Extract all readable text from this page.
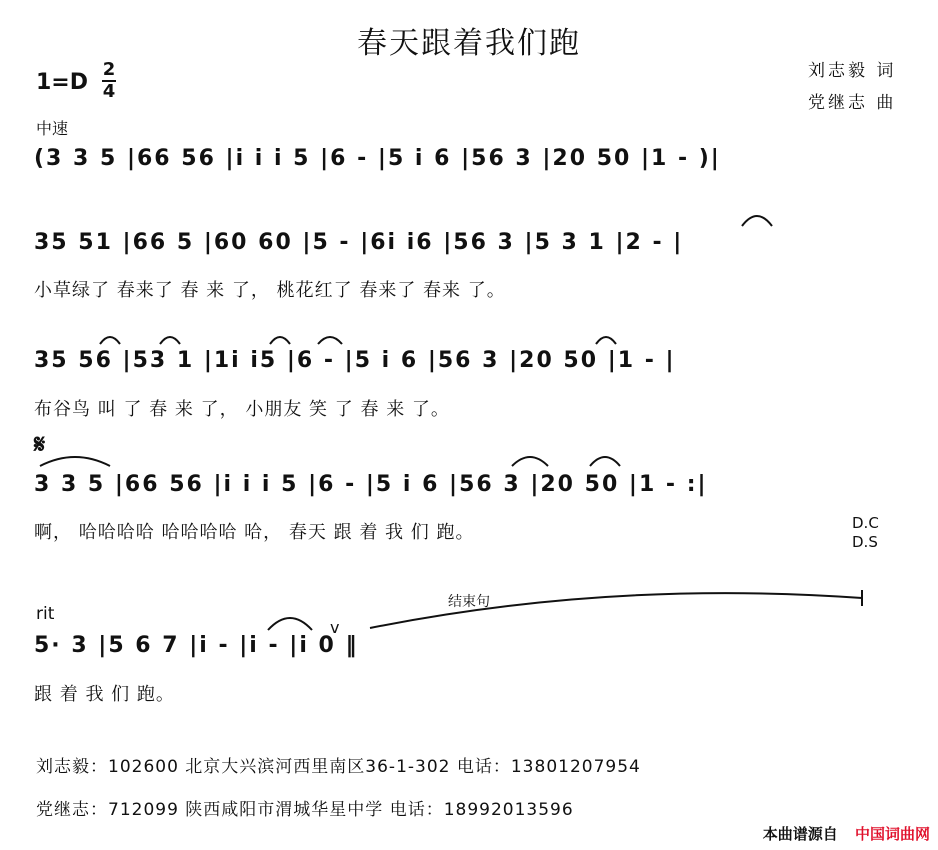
春天跟着我们跑
刘志毅 词
党继志 曲
1=D
2
4
中速
(3 3 5 |66 56 |i i i 5 |6 - |5 i 6 |56 3 |20 50 |1 - )|
35 51 |66 5 |60 60 |5 - |6i i6 |56 3 |5 3 1 |2 - |
小草绿了 春来了 春 来 了， 桃花红了 春来了 春来 了。
35 56 |53 1 |1i i5 |6 - |5 i 6 |56 3 |20 50 |1 - |
布谷鸟 叫 了 春 来 了， 小朋友 笑 了 春 来 了。
𝄋
3 3 5 |66 56 |i i i 5 |6 - |5 i 6 |56 3 |20 50 |1 - :|
啊， 哈哈哈哈 哈哈哈哈 哈， 春天 跟 着 我 们 跑。	D.C
D.S
rit
结束句
5· 3 |5 6 7 |i - |i - |i 0 ‖
v
跟 着 我 们 跑。
刘志毅：102600 北京大兴滨河西里南区36-1-302 电话：13801207954
党继志：712099 陕西咸阳市渭城华星中学 电话：18992013596
本曲谱源自 中国词曲网
